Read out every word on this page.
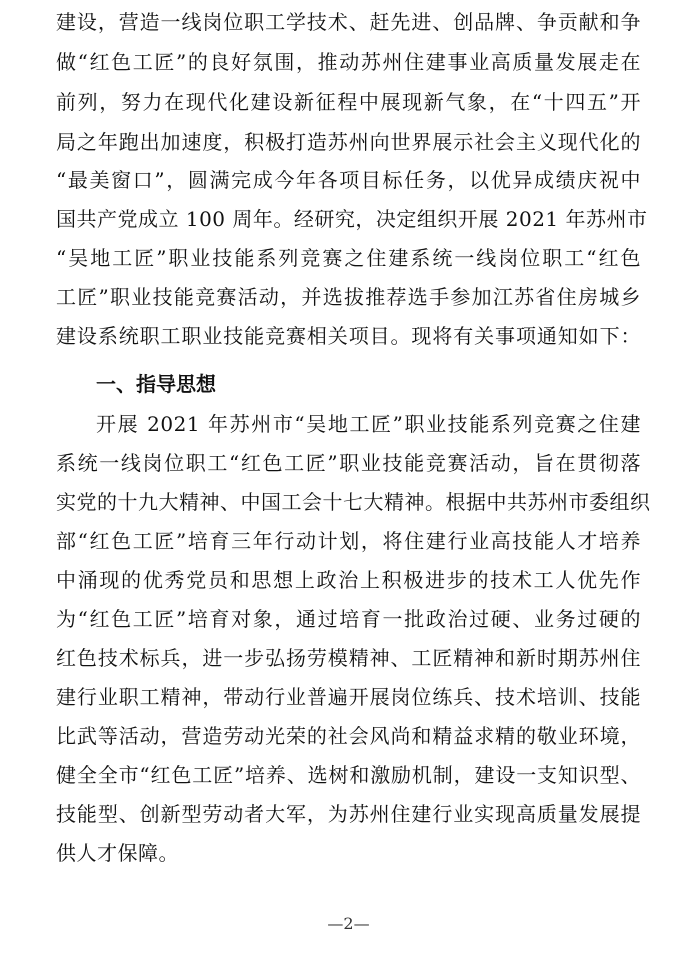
建设，营造一线岗位职工学技术、赶先进、创品牌、争贡献和争
做“红色工匠”的良好氛围，推动苏州住建事业高质量发展走在
前列，努力在现代化建设新征程中展现新气象，在“十四五”开
局之年跑出加速度，积极打造苏州向世界展示社会主义现代化的
“最美窗口”，圆满完成今年各项目标任务，以优异成绩庆祝中
国共产党成立 100 周年。经研究，决定组织开展 2021 年苏州市
“吴地工匠”职业技能系列竞赛之住建系统一线岗位职工“红色
工匠”职业技能竞赛活动，并选拔推荐选手参加江苏省住房城乡
建设系统职工职业技能竞赛相关项目。现将有关事项通知如下：
一、指导思想
开展 2021 年苏州市“吴地工匠”职业技能系列竞赛之住建
系统一线岗位职工“红色工匠”职业技能竞赛活动，旨在贯彻落
实党的十九大精神、中国工会十七大精神。根据中共苏州市委组织
部“红色工匠”培育三年行动计划，将住建行业高技能人才培养
中涌现的优秀党员和思想上政治上积极进步的技术工人优先作
为“红色工匠”培育对象，通过培育一批政治过硬、业务过硬的
红色技术标兵，进一步弘扬劳模精神、工匠精神和新时期苏州住
建行业职工精神，带动行业普遍开展岗位练兵、技术培训、技能
比武等活动，营造劳动光荣的社会风尚和精益求精的敬业环境，
健全全市“红色工匠”培养、选树和激励机制，建设一支知识型、
技能型、创新型劳动者大军，为苏州住建行业实现高质量发展提
供人才保障。
—2—
